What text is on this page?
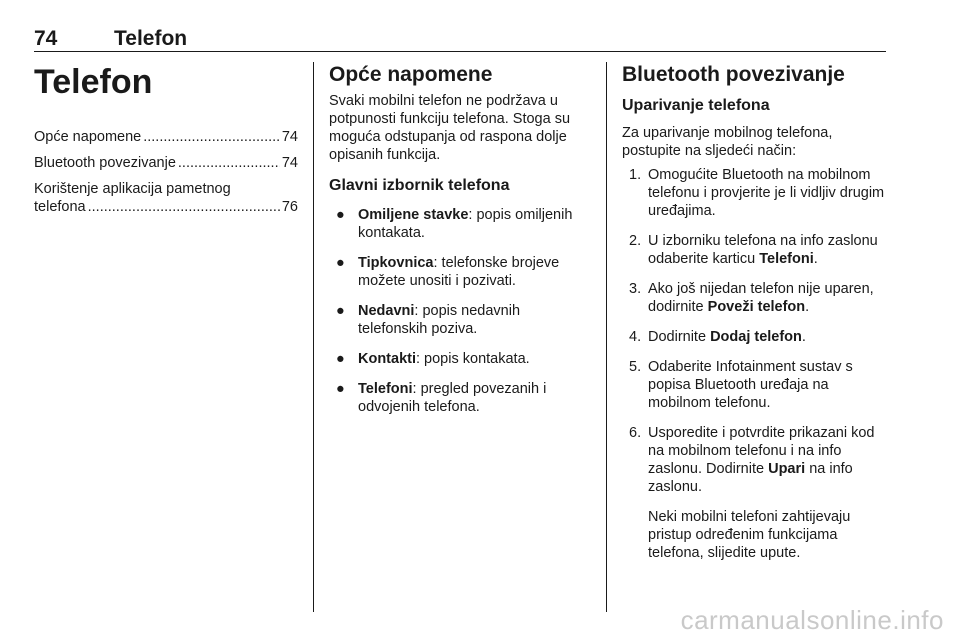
74	Telefon
Telefon
Opće napomene .....	74
Bluetooth povezivanje .....	74
Korištenje aplikacija pametnog
telefona .....	76
Opće napomene
Svaki mobilni telefon ne podržava u potpunosti funkciju telefona. Stoga su moguća odstupanja od raspona dolje opisanih funkcija.
Glavni izbornik telefona
● Omiljene stavke: popis omiljenih kontakata.
● Tipkovnica: telefonske brojeve možete unositi i pozivati.
● Nedavni: popis nedavnih telefonskih poziva.
● Kontakti: popis kontakata.
● Telefoni: pregled povezanih i odvojenih telefona.
Bluetooth povezivanje
Uparivanje telefona
Za uparivanje mobilnog telefona, postupite na sljedeći način:
1. Omogućite Bluetooth na mobilnom telefonu i provjerite je li vidljiv drugim uređajima.
2. U izborniku telefona na info zaslonu odaberite karticu Telefoni.
3. Ako još nijedan telefon nije uparen, dodirnite Poveži telefon.
4. Dodirnite Dodaj telefon.
5. Odaberite Infotainment sustav s popisa Bluetooth uređaja na mobilnom telefonu.
6. Usporedite i potvrdite prikazani kod na mobilnom telefonu i na info zaslonu. Dodirnite Upari na info zaslonu.
Neki mobilni telefoni zahtijevaju pristup određenim funkcijama telefona, slijedite upute.
carmanualsonline.info
